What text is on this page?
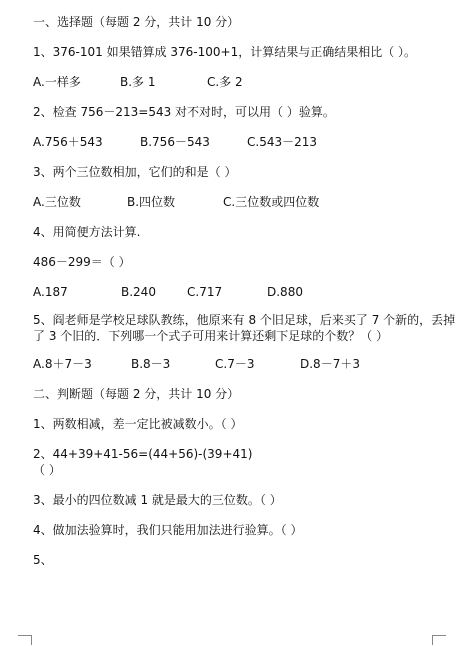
一、选择题（每题 2 分，共计 10 分）
1、376-101 如果错算成 376-100+1，计算结果与正确结果相比（ ）。
A.一样多	B.多 1	C.多 2
2、检查 756－213=543 对不对时，可以用（ ）验算。
A.756＋543	B.756－543	C.543－213
3、两个三位数相加，它们的和是（ ）
A.三位数	B.四位数	C.三位数或四位数
4、用简便方法计算.
486－299＝（ ）
A.187	B.240	C.717	D.880
5、阎老师是学校足球队教练，他原来有 8 个旧足球，后来买了 7 个新的，丢掉
了 3 个旧的．下列哪一个式子可用来计算还剩下足球的个数？（ ）
A.8＋7－3	B.8－3	C.7－3	D.8－7＋3
二、判断题（每题 2 分，共计 10 分）
1、两数相减，差一定比被减数小。（ ）
2、44+39+41-56=(44+56)-(39+41)
（ ）
3、最小的四位数减 1 就是最大的三位数。（ ）
4、做加法验算时，我们只能用加法进行验算。（ ）
5、
